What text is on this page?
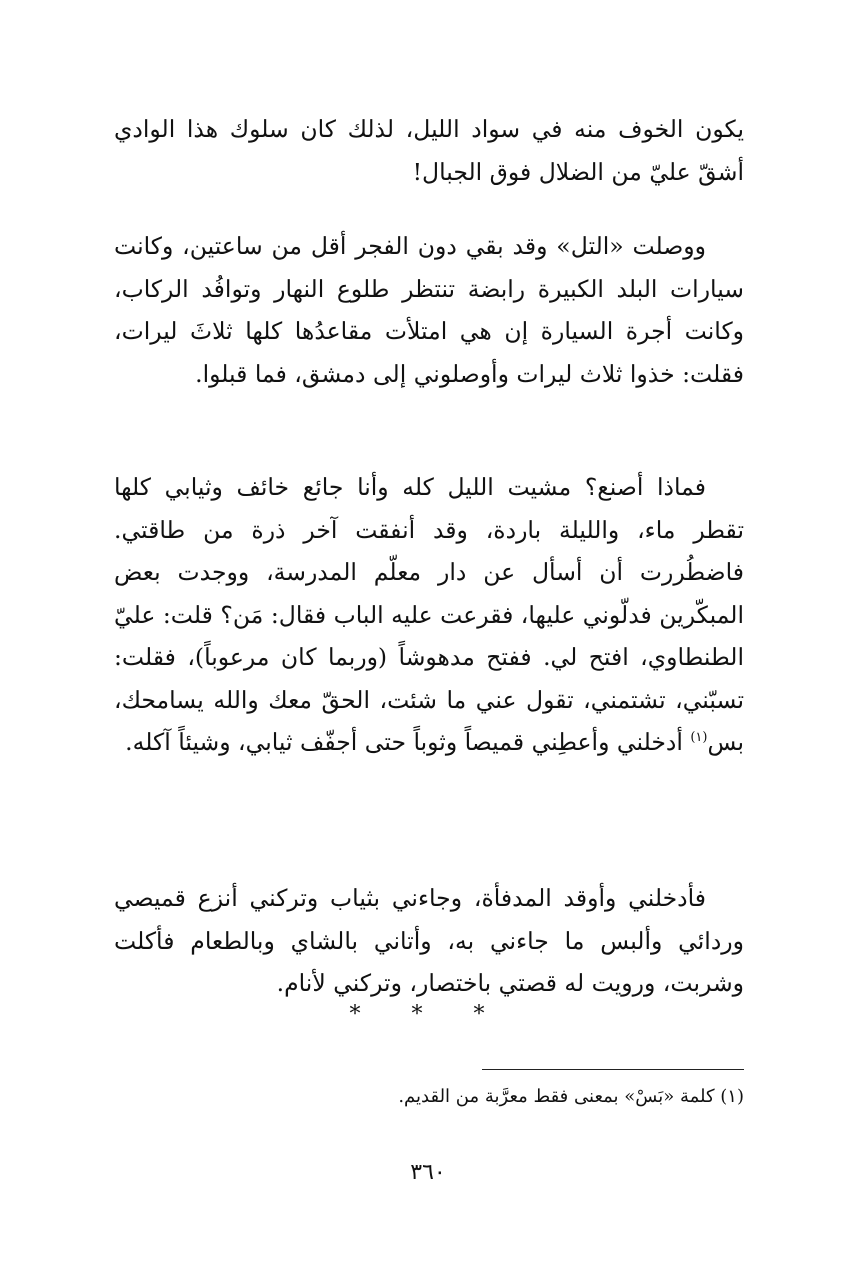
يكون الخوف منه في سواد الليل، لذلك كان سلوك هذا الوادي أشقّ عليّ من الضلال فوق الجبال!

ووصلت «التل» وقد بقي دون الفجر أقل من ساعتين، وكانت سيارات البلد الكبيرة رابضة تنتظر طلوع النهار وتوافُد الركاب، وكانت أجرة السيارة إن هي امتلأت مقاعدُها كلها ثلاثَ ليرات، فقلت: خذوا ثلاث ليرات وأوصلوني إلى دمشق، فما قبلوا.

فماذا أصنع؟ مشيت الليل كله وأنا جائع خائف وثيابي كلها تقطر ماء، والليلة باردة، وقد أنفقت آخر ذرة من طاقتي. فاضطُررت أن أسأل عن دار معلّم المدرسة، ووجدت بعض المبكّرين فدلّوني عليها، فقرعت عليه الباب فقال: مَن؟ قلت: عليّ الطنطاوي، افتح لي. ففتح مدهوشاً (وربما كان مرعوباً)، فقلت: تسبّني، تشتمني، تقول عني ما شئت، الحقّ معك والله يسامحك، بس$^{(١)}$ أدخلني وأعطِني قميصاً وثوباً حتى أجفّف ثيابي، وشيئاً آكله.

فأدخلني وأوقد المدفأة، وجاءني بثياب وتركني أنزع قميصي وردائي وألبس ما جاءني به، وأتاني بالشاي وبالطعام فأكلت وشربت، ورويت له قصتي باختصار، وتركني لأنام.

* * *
(١) كلمة «بَسْ» بمعنى فقط معرَّبة من القديم.
٣٦٠
